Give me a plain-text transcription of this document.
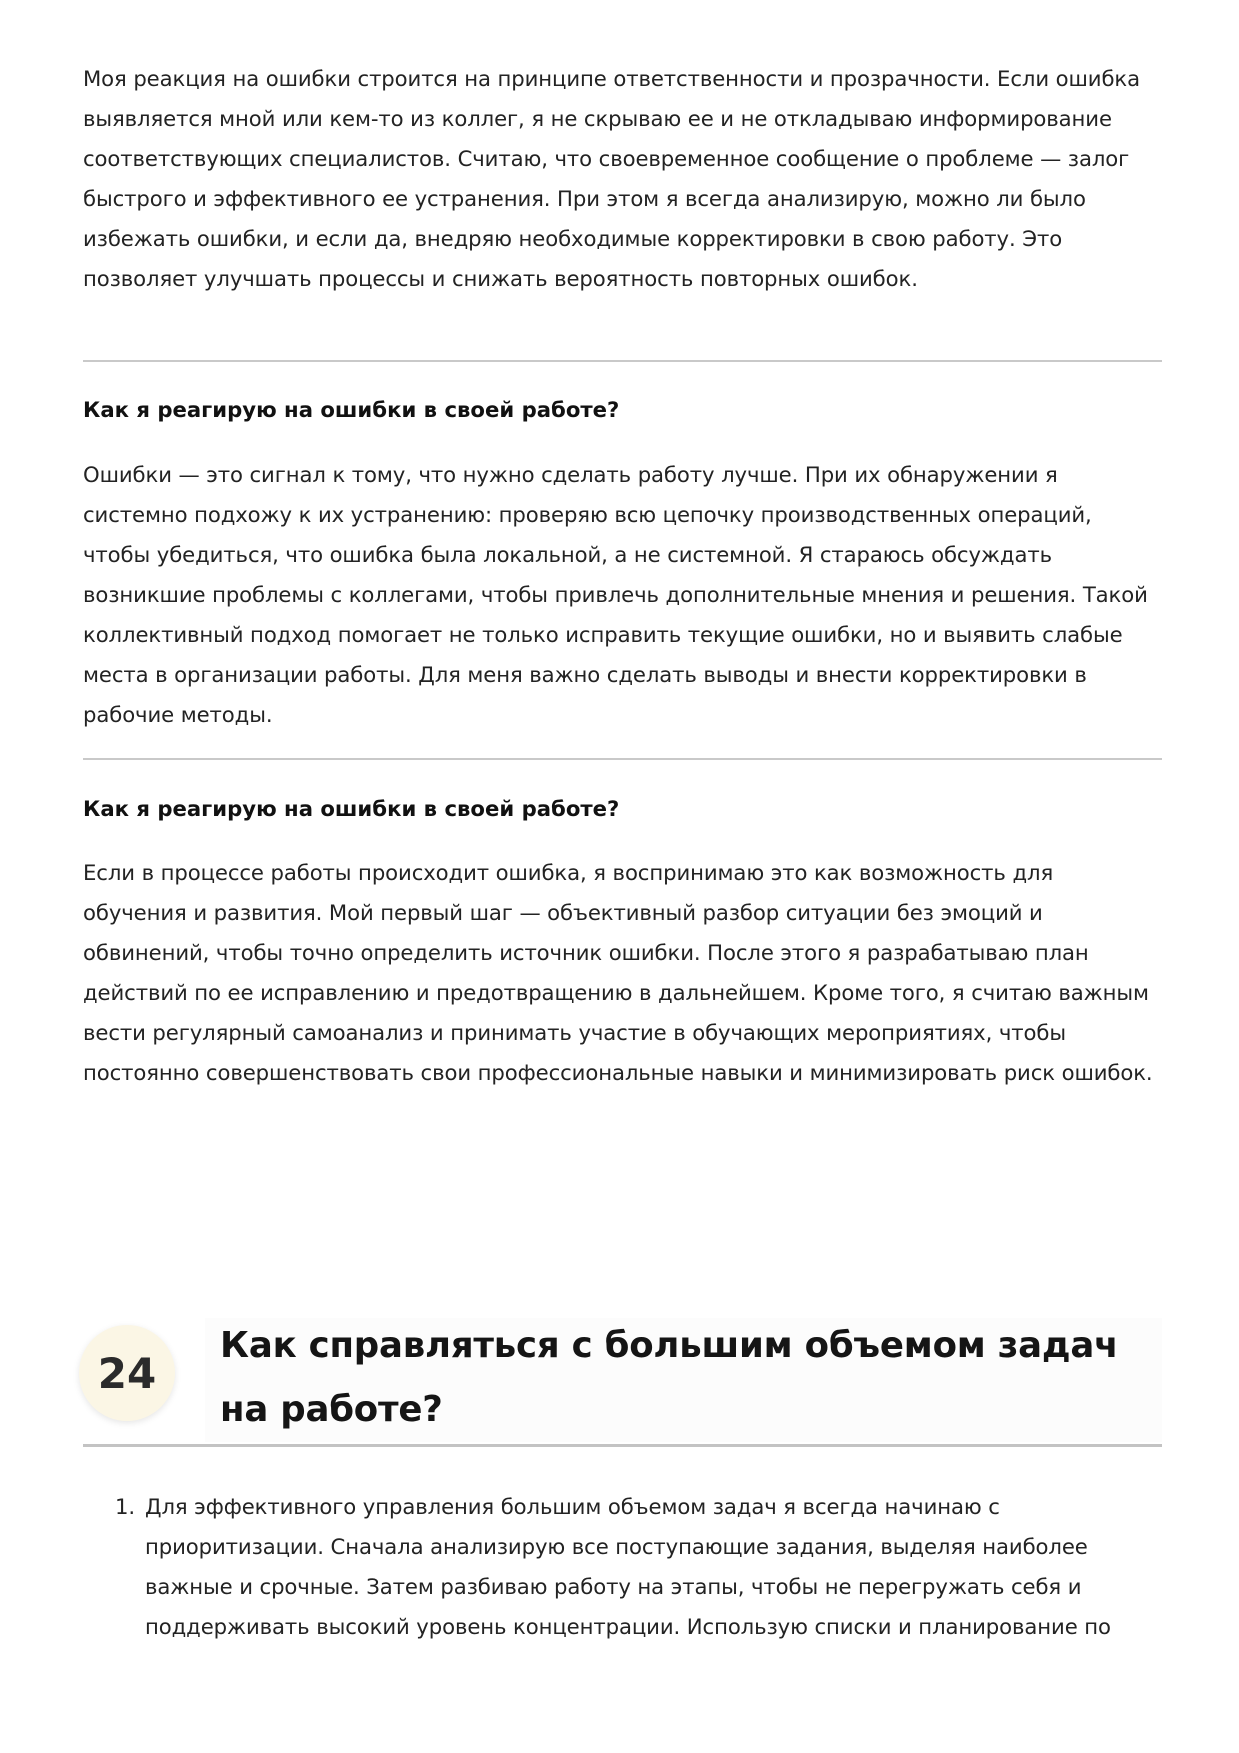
Моя реакция на ошибки строится на принципе ответственности и прозрачности. Если ошибка выявляется мной или кем-то из коллег, я не скрываю ее и не откладываю информирование соответствующих специалистов. Считаю, что своевременное сообщение о проблеме — залог быстрого и эффективного ее устранения. При этом я всегда анализирую, можно ли было избежать ошибки, и если да, внедряю необходимые корректировки в свою работу. Это позволяет улучшать процессы и снижать вероятность повторных ошибок.

Как я реагирую на ошибки в своей работе?

Ошибки — это сигнал к тому, что нужно сделать работу лучше. При их обнаружении я системно подхожу к их устранению: проверяю всю цепочку производственных операций, чтобы убедиться, что ошибка была локальной, а не системной. Я стараюсь обсуждать возникшие проблемы с коллегами, чтобы привлечь дополнительные мнения и решения. Такой коллективный подход помогает не только исправить текущие ошибки, но и выявить слабые места в организации работы. Для меня важно сделать выводы и внести корректировки в рабочие методы.

Как я реагирую на ошибки в своей работе?

Если в процессе работы происходит ошибка, я воспринимаю это как возможность для обучения и развития. Мой первый шаг — объективный разбор ситуации без эмоций и обвинений, чтобы точно определить источник ошибки. После этого я разрабатываю план действий по ее исправлению и предотвращению в дальнейшем. Кроме того, я считаю важным вести регулярный самоанализ и принимать участие в обучающих мероприятиях, чтобы постоянно совершенствовать свои профессиональные навыки и минимизировать риск ошибок.

24
Как справляться с большим объемом задач на работе?
1. Для эффективного управления большим объемом задач я всегда начинаю с приоритизации. Сначала анализирую все поступающие задания, выделяя наиболее важные и срочные. Затем разбиваю работу на этапы, чтобы не перегружать себя и поддерживать высокий уровень концентрации. Использую списки и планирование по
